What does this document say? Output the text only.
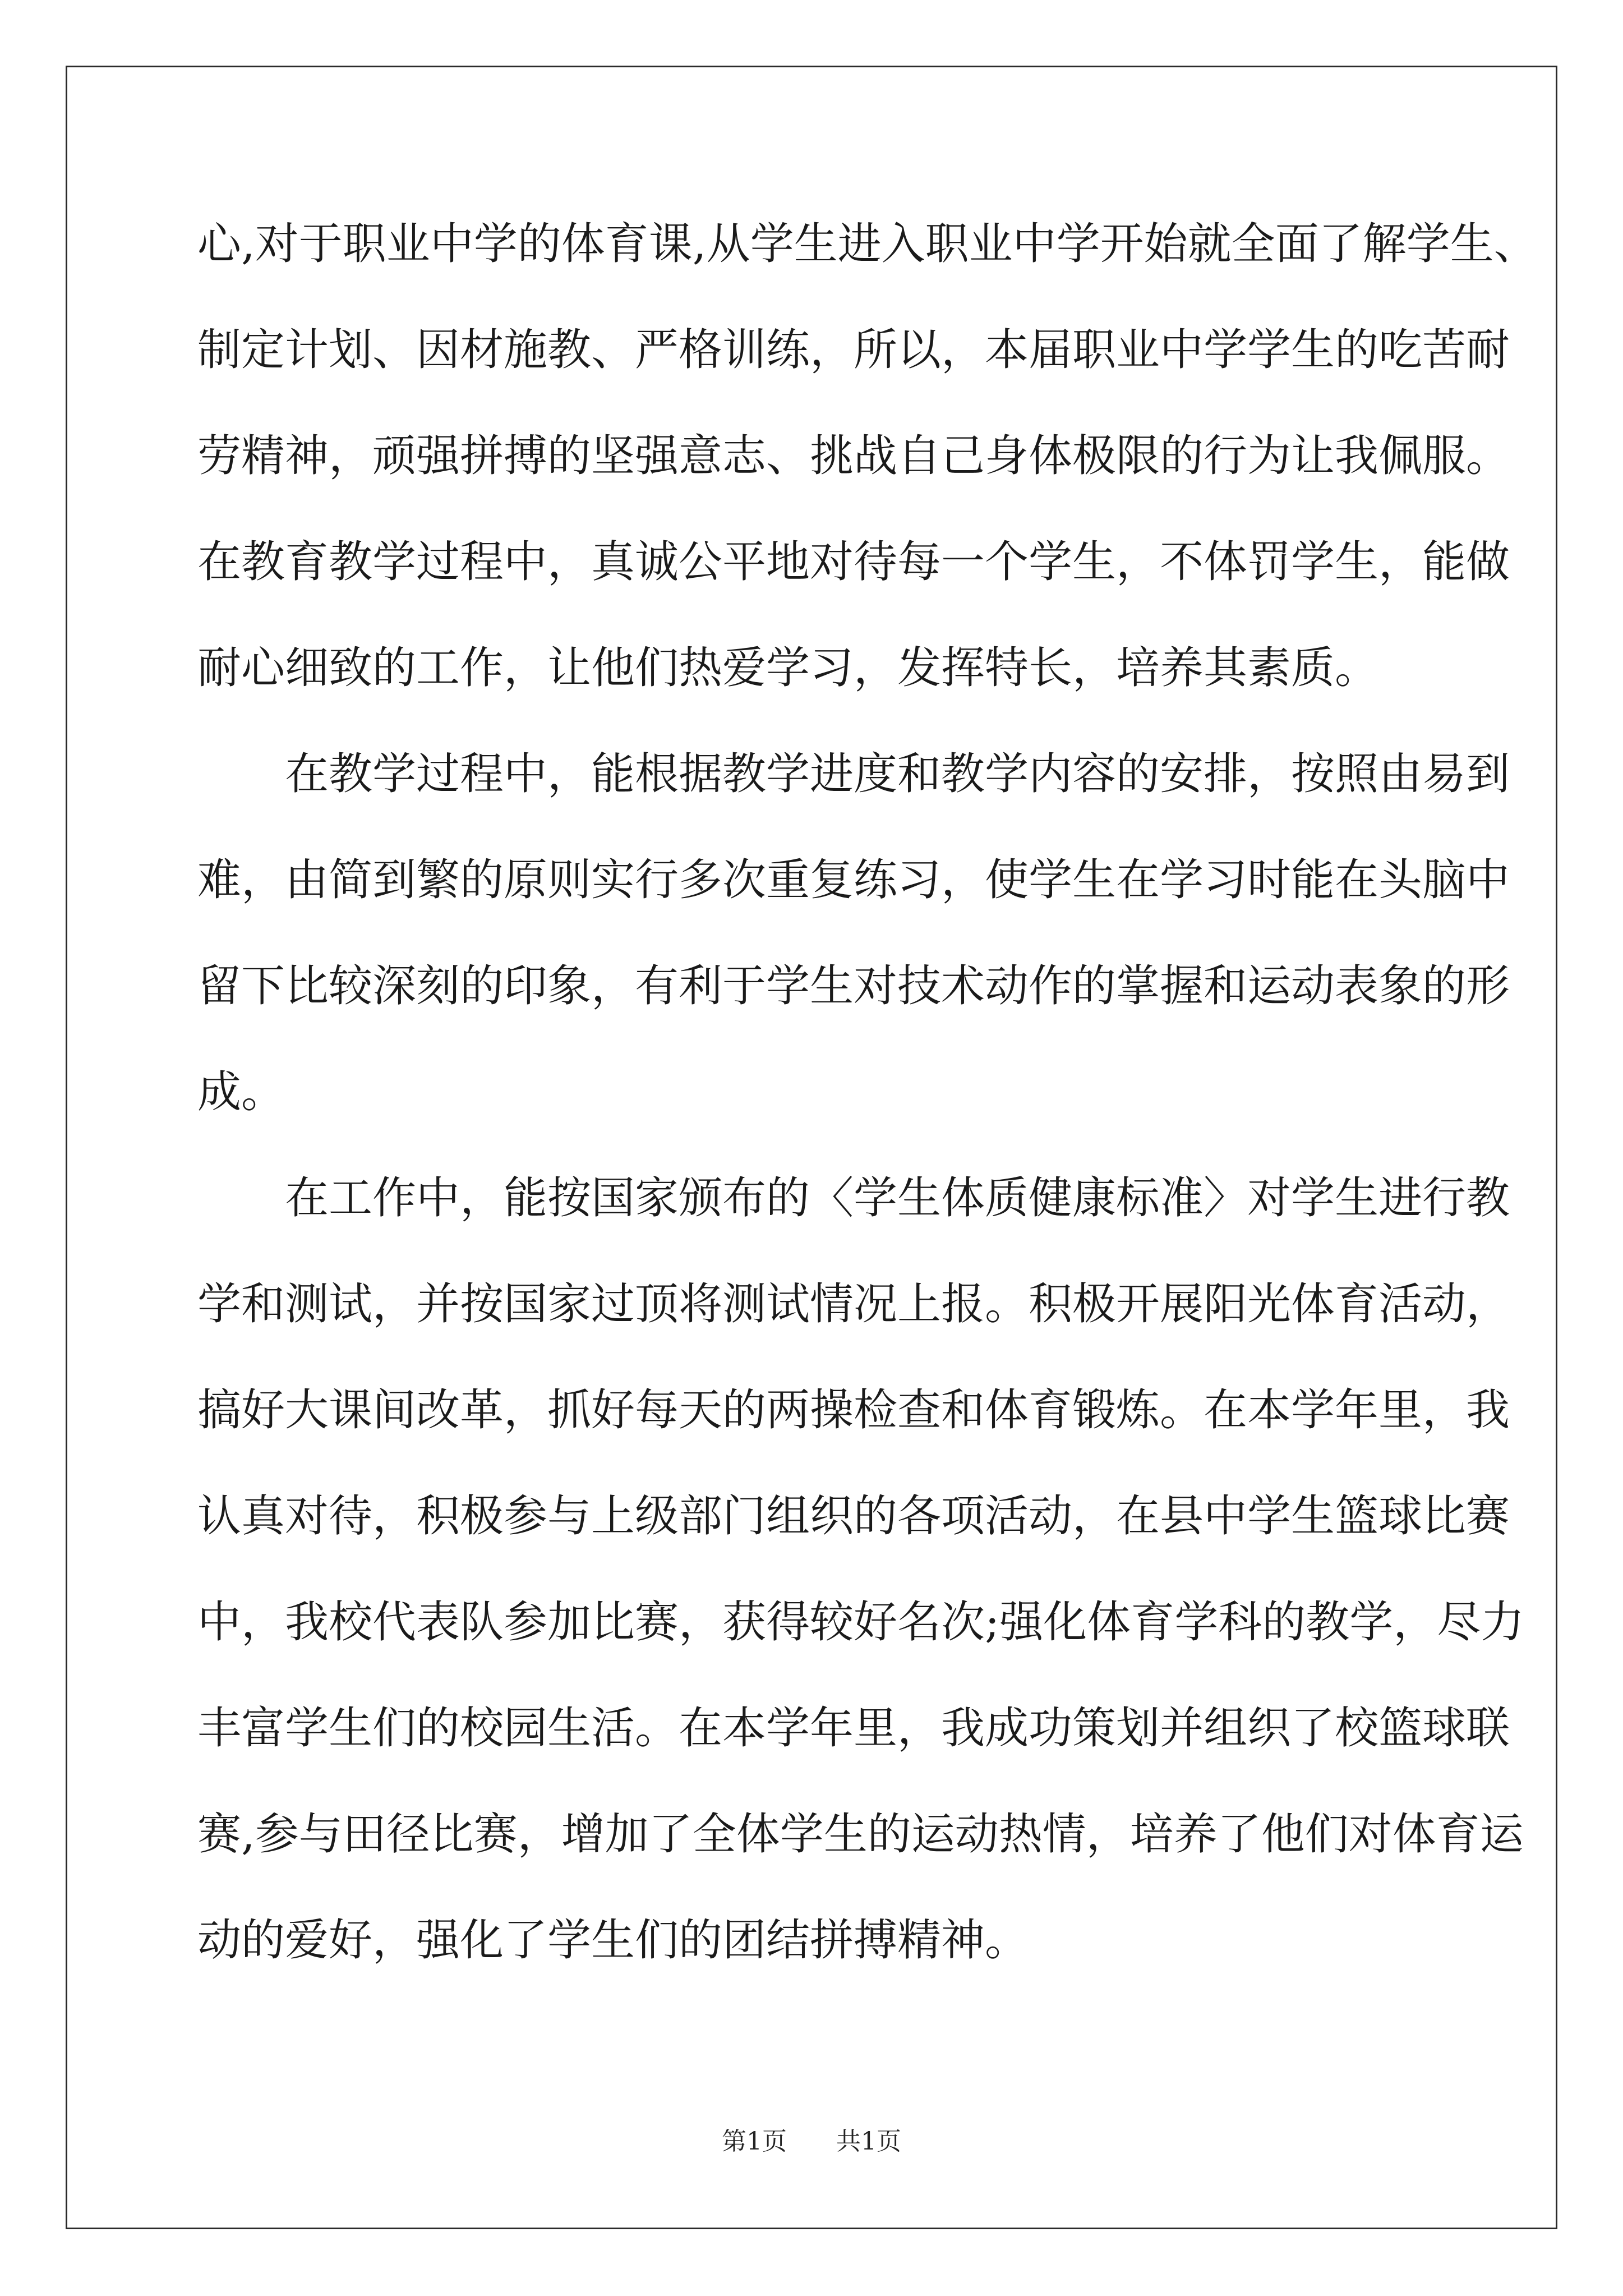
心,对于职业中学的体育课,从学生进入职业中学开始就全面了解学生、
制定计划、因材施教、严格训练，所以，本届职业中学学生的吃苦耐
劳精神，顽强拼搏的坚强意志、挑战自己身体极限的行为让我佩服。
在教育教学过程中，真诚公平地对待每一个学生，不体罚学生，能做
耐心细致的工作，让他们热爱学习，发挥特长，培养其素质。
在教学过程中，能根据教学进度和教学内容的安排，按照由易到
难，由简到繁的原则实行多次重复练习，使学生在学习时能在头脑中
留下比较深刻的印象，有利于学生对技术动作的掌握和运动表象的形
成。
在工作中，能按国家颁布的〈学生体质健康标准〉对学生进行教
学和测试，并按国家过顶将测试情况上报。积极开展阳光体育活动，
搞好大课间改革，抓好每天的两操检查和体育锻炼。在本学年里，我
认真对待，积极参与上级部门组织的各项活动，在县中学生篮球比赛
中，我校代表队参加比赛，获得较好名次;强化体育学科的教学，尽力
丰富学生们的校园生活。在本学年里，我成功策划并组织了校篮球联
赛,参与田径比赛，增加了全体学生的运动热情，培养了他们对体育运
动的爱好，强化了学生们的团结拼搏精神。
第1页 共1页
